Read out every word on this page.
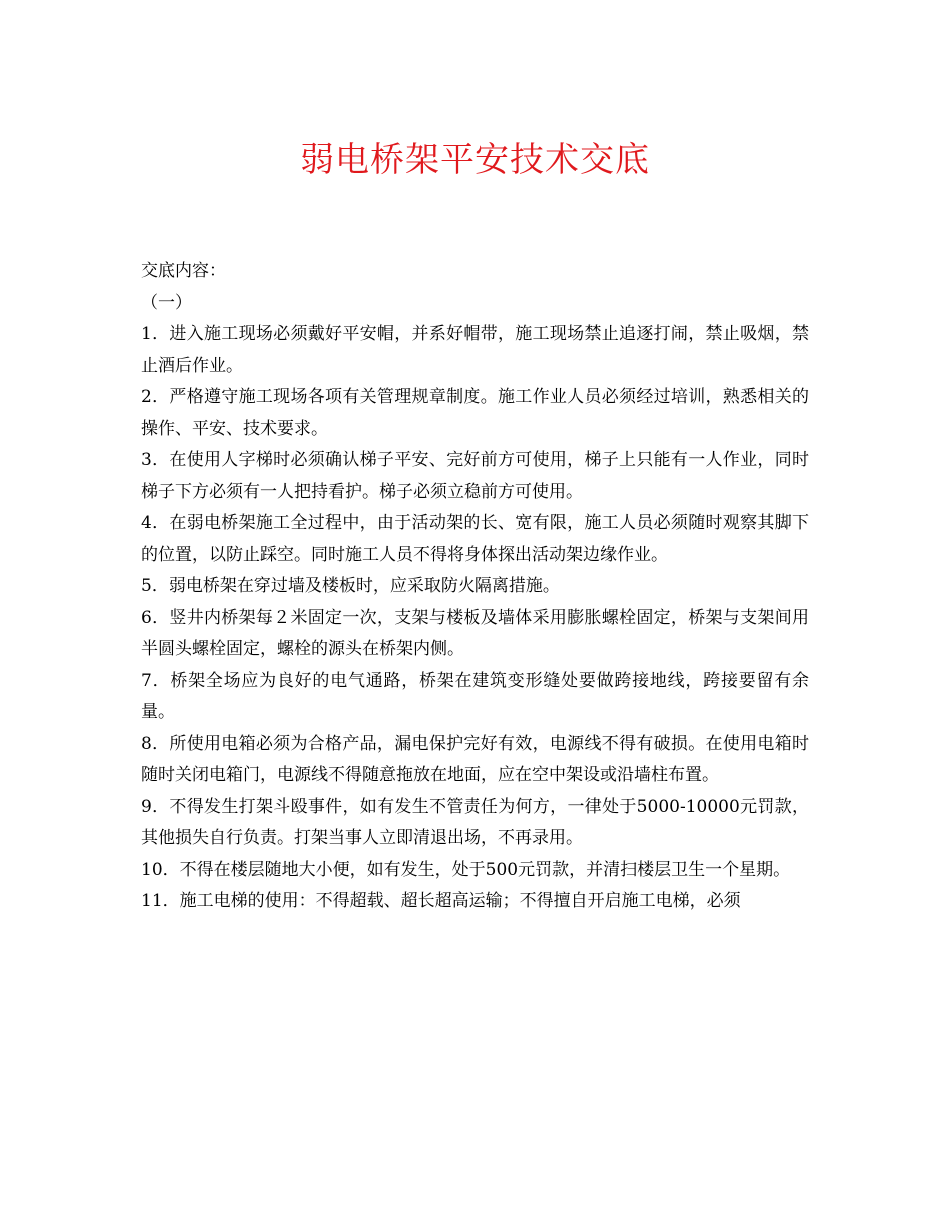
弱电桥架平安技术交底

交底内容：

（一）

1．进入施工现场必须戴好平安帽，并系好帽带，施工现场禁止追逐打闹，禁止吸烟，禁止酒后作业。

2．严格遵守施工现场各项有关管理规章制度。施工作业人员必须经过培训，熟悉相关的操作、平安、技术要求。

3．在使用人字梯时必须确认梯子平安、完好前方可使用，梯子上只能有一人作业，同时梯子下方必须有一人把持看护。梯子必须立稳前方可使用。

4．在弱电桥架施工全过程中，由于活动架的长、宽有限，施工人员必须随时观察其脚下的位置，以防止踩空。同时施工人员不得将身体探出活动架边缘作业。

5．弱电桥架在穿过墙及楼板时，应采取防火隔离措施。

6．竖井内桥架每２米固定一次，支架与楼板及墙体采用膨胀螺栓固定，桥架与支架间用半圆头螺栓固定，螺栓的源头在桥架内侧。

7．桥架全场应为良好的电气通路，桥架在建筑变形缝处要做跨接地线，跨接要留有余量。

8．所使用电箱必须为合格产品，漏电保护完好有效，电源线不得有破损。在使用电箱时随时关闭电箱门，电源线不得随意拖放在地面，应在空中架设或沿墙柱布置。

9．不得发生打架斗殴事件，如有发生不管责任为何方，一律处于5000-10000元罚款，其他损失自行负责。打架当事人立即清退出场，不再录用。

10．不得在楼层随地大小便，如有发生，处于500元罚款，并清扫楼层卫生一个星期。

11．施工电梯的使用：不得超载、超长超高运输；不得擅自开启施工电梯，必须
